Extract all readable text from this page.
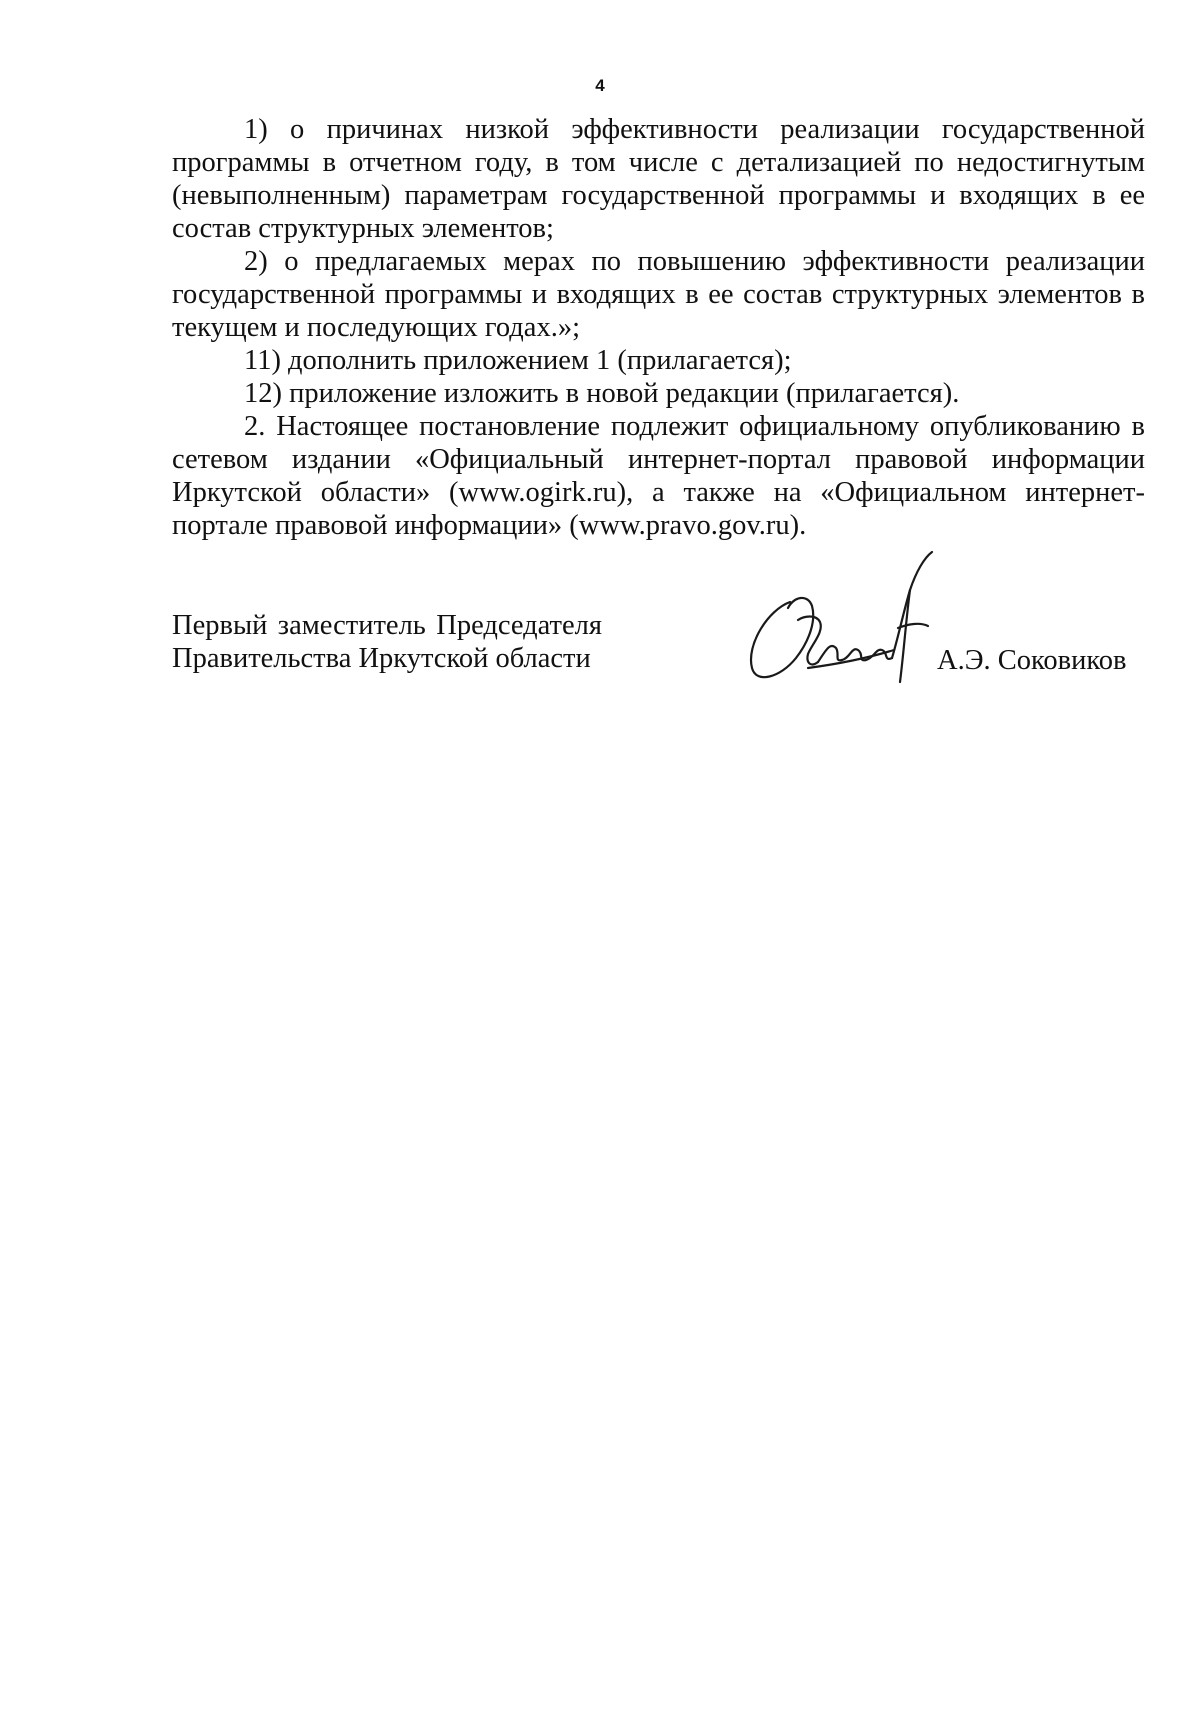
4

1) о причинах низкой эффективности реализации государственной программы в отчетном году, в том числе с детализацией по недостигнутым (невыполненным) параметрам государственной программы и входящих в ее состав структурных элементов;

2) о предлагаемых мерах по повышению эффективности реализации государственной программы и входящих в ее состав структурных элементов в текущем и последующих годах.»;

11) дополнить приложением 1 (прилагается);

12) приложение изложить в новой редакции (прилагается).

2. Настоящее постановление подлежит официальному опубликованию в сетевом издании «Официальный интернет-портал правовой информации Иркутской области» (www.ogirk.ru), а также на «Официальном интернет-портале правовой информации» (www.pravo.gov.ru).

Первый заместитель Председателя
Правительства Иркутской области	А.Э. Соковиков
